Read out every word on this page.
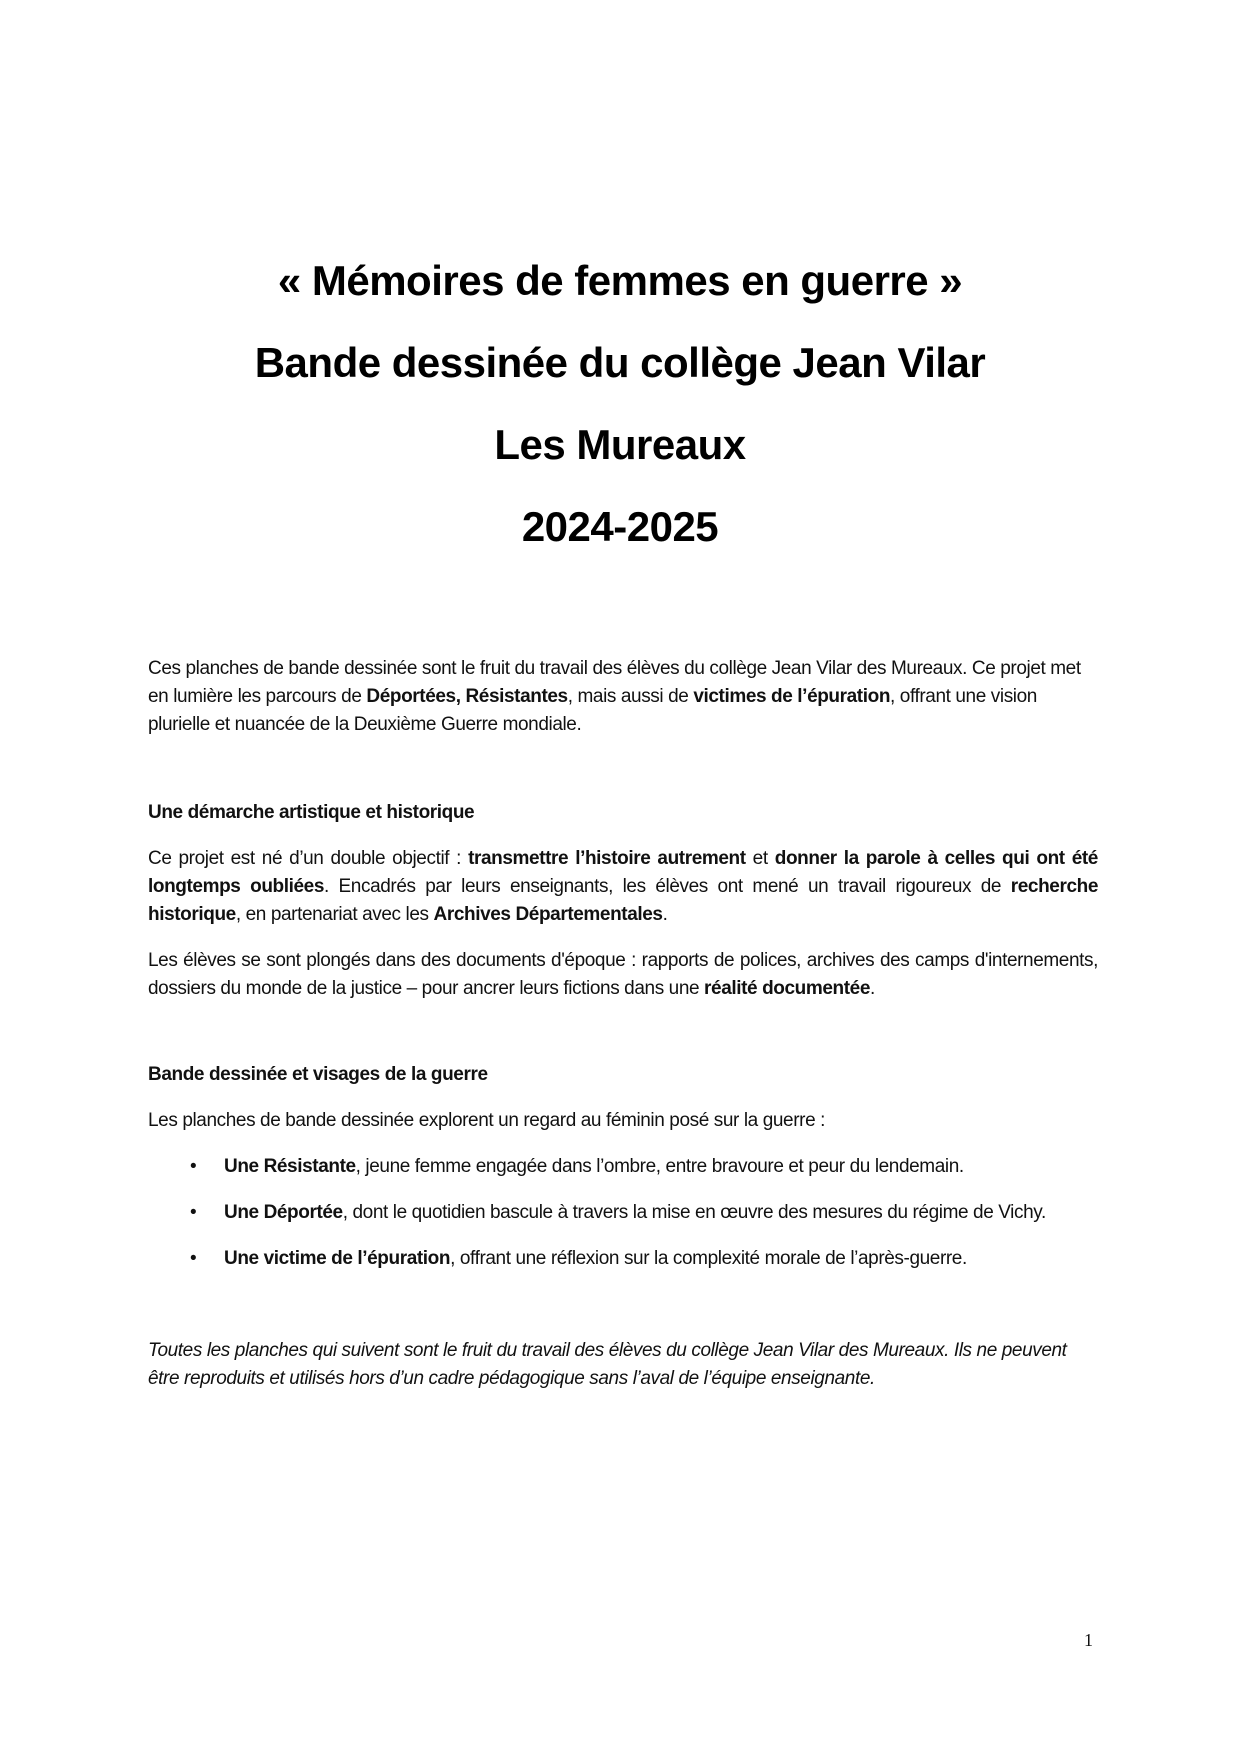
« Mémoires de femmes en guerre »
Bande dessinée du collège Jean Vilar
Les Mureaux
2024-2025

Ces planches de bande dessinée sont le fruit du travail des élèves du collège Jean Vilar des Mureaux. Ce projet met en lumière les parcours de Déportées, Résistantes, mais aussi de victimes de l’épuration, offrant une vision plurielle et nuancée de la Deuxième Guerre mondiale.

Une démarche artistique et historique

Ce projet est né d’un double objectif : transmettre l’histoire autrement et donner la parole à celles qui ont été longtemps oubliées. Encadrés par leurs enseignants, les élèves ont mené un travail rigoureux de recherche historique, en partenariat avec les Archives Départementales.

Les élèves se sont plongés dans des documents d'époque : rapports de polices, archives des camps d'internements, dossiers du monde de la justice – pour ancrer leurs fictions dans une réalité documentée.

Bande dessinée et visages de la guerre

Les planches de bande dessinée explorent un regard au féminin posé sur la guerre :

• Une Résistante, jeune femme engagée dans l’ombre, entre bravoure et peur du lendemain.
• Une Déportée, dont le quotidien bascule à travers la mise en œuvre des mesures du régime de Vichy.
• Une victime de l’épuration, offrant une réflexion sur la complexité morale de l’après-guerre.

Toutes les planches qui suivent sont le fruit du travail des élèves du collège Jean Vilar des Mureaux. Ils ne peuvent être reproduits et utilisés hors d’un cadre pédagogique sans l’aval de l’équipe enseignante.

1
